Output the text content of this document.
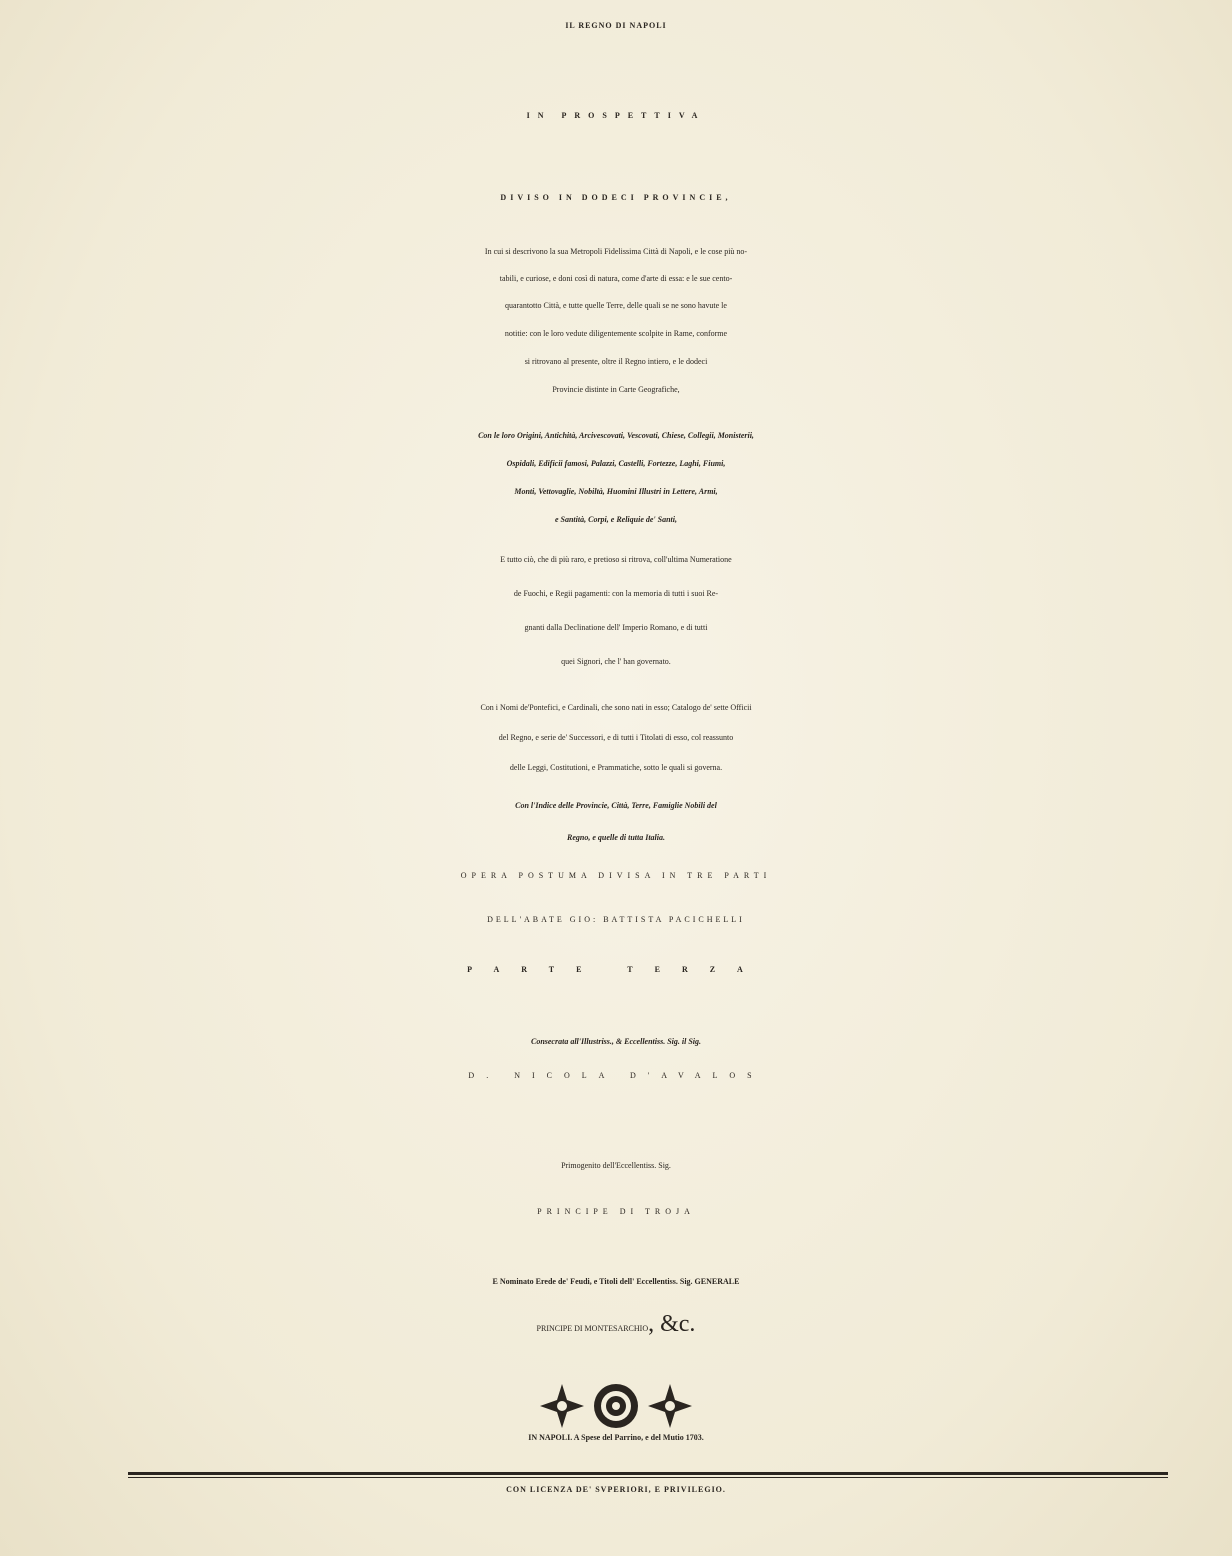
IL REGNO DI NAPOLI
IN PROSPETTIVA
DIVISO IN DODECI PROVINCIE,
In cui si descrivono la sua Metropoli Fidelissima Città di Napoli, e le cose più no-
tabili, e curiose, e doni così di natura, come d'arte di essa: e le sue cento-
quarantotto Città, e tutte quelle Terre, delle quali se ne sono havute le
notitie: con le loro vedute diligentemente scolpite in Rame, conforme
si ritrovano al presente, oltre il Regno intiero, e le dodeci
Provincie distinte in Carte Geografiche,
Con le loro Origini, Antichità, Arcivescovati, Vescovati, Chiese, Collegii, Monisterii,
Ospidali, Edificii famosi, Palazzi, Castelli, Fortezze, Laghi, Fiumi,
Monti, Vettovaglie, Nobiltà, Huomini Illustri in Lettere, Armi,
e Santità, Corpi, e Reliquie de' Santi,
E tutto ciò, che di più raro, e pretioso si ritrova, coll'ultima Numeratione
de Fuochi, e Regii pagamenti: con la memoria di tutti i suoi Re-
gnanti dalla Declinatione dell' Imperio Romano, e di tutti
quei Signori, che l' han governato.
Con i Nomi de'Pontefici, e Cardinali, che sono nati in esso; Catalogo de' sette Officii
del Regno, e serie de' Successori, e di tutti i Titolati di esso, col reassunto
delle Leggi, Costitutioni, e Prammatiche, sotto le quali si governa.
Con l'Indice delle Provincie, Città, Terre, Famiglie Nobili del
Regno, e quelle di tutta Italia.
OPERA POSTUMA DIVISA IN TRE PARTI
DELL'ABATE GIO: BATTISTA PACICHELLI
PARTE TERZA
Consecrata all'Illustriss., & Eccellentiss. Sig. il Sig.
D. NICOLA D'AVALOS
Primogenito dell'Eccellentiss. Sig.
PRINCIPE DI TROJA
E Nominato Erede de' Feudi, e Titoli dell' Eccellentiss. Sig. GENERALE
PRINCIPE DI MONTESARCHIO, &c.
IN NAPOLI. A Spese del Parrino, e del Mutio 1703.
CON LICENZA DE' SVPERIORI, E PRIVILEGIO.
